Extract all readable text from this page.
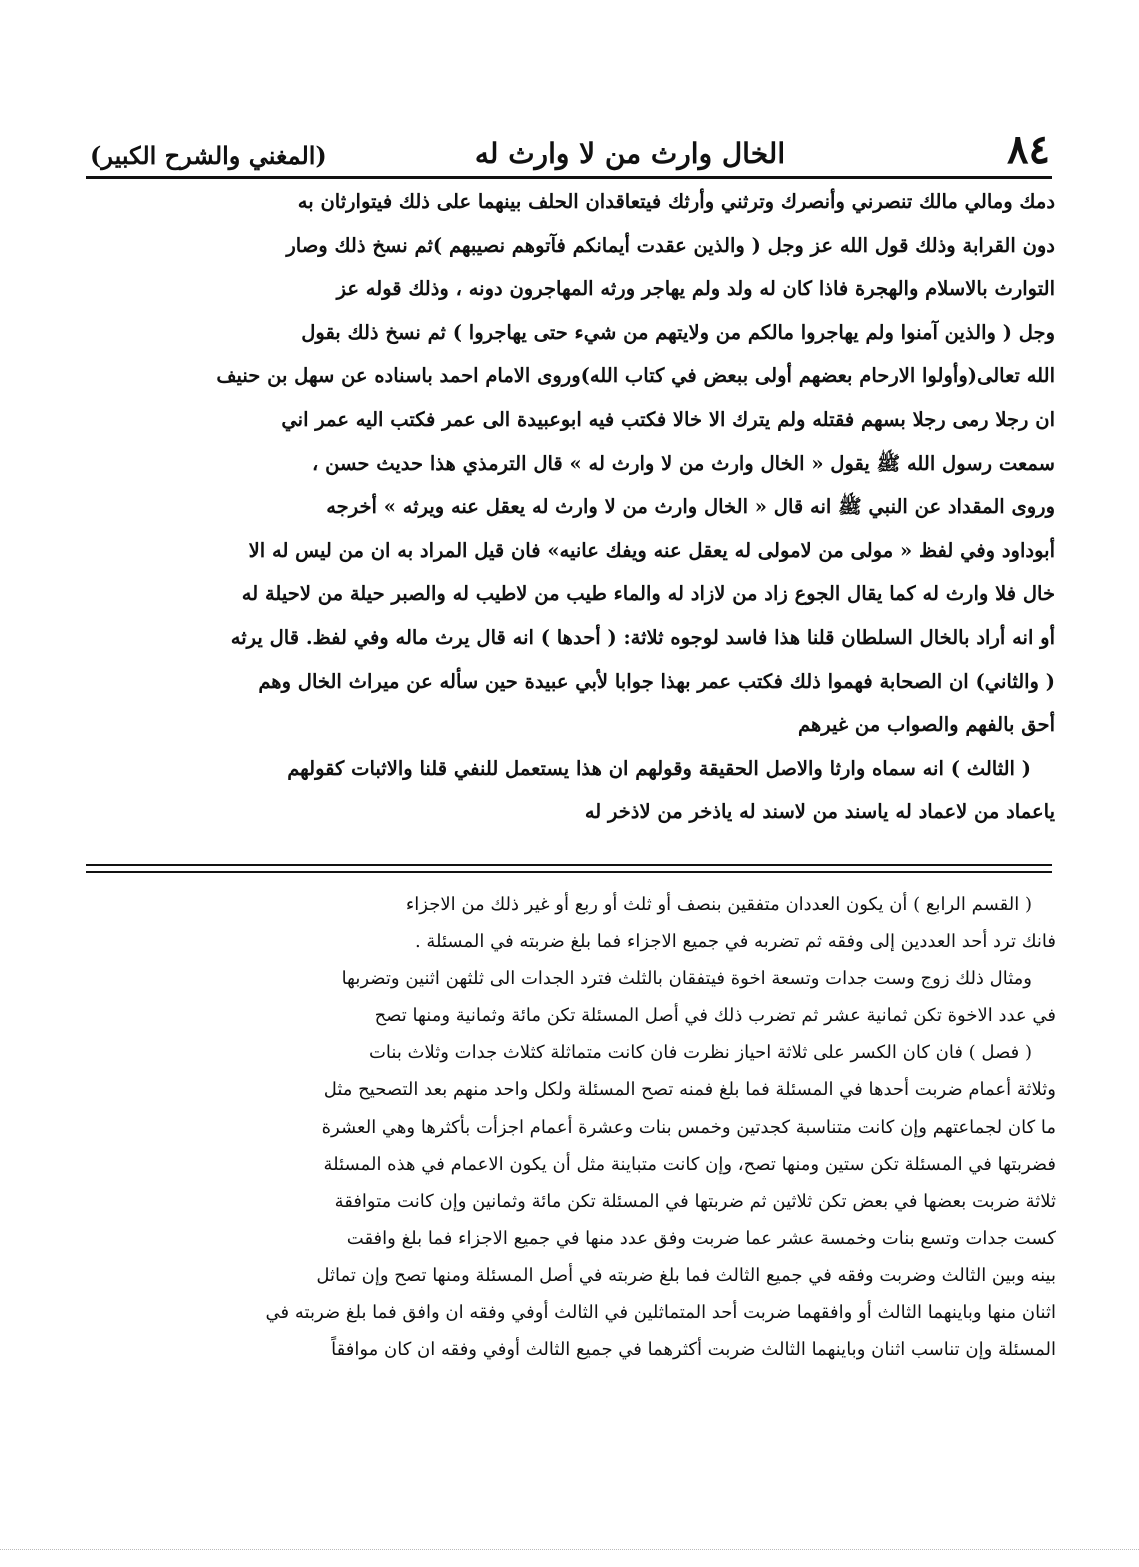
٨٤
الخال وارث من لا وارث له
(المغني والشرح الكبير)
دمك ومالي مالك تنصرني وأنصرك وترثني وأرثك فيتعاقدان الحلف بينهما على ذلك فيتوارثان به
دون القرابة وذلك قول الله عز وجل ( والذين عقدت أيمانكم فآتوهم نصيبهم )ثم نسخ ذلك وصار
التوارث بالاسلام والهجرة فاذا كان له ولد ولم يهاجر ورثه المهاجرون دونه ، وذلك قوله عز
وجل ( والذين آمنوا ولم يهاجروا مالكم من ولايتهم من شيء حتى يهاجروا ) ثم نسخ ذلك بقول
الله تعالى(وأولوا الارحام بعضهم أولى ببعض في كتاب الله)وروى الامام احمد باسناده عن سهل بن حنيف
ان رجلا رمى رجلا بسهم فقتله ولم يترك الا خالا فكتب فيه ابوعبيدة الى عمر فكتب اليه عمر اني
سمعت رسول الله ﷺ يقول « الخال وارث من لا وارث له » قال الترمذي هذا حديث حسن ،
وروى المقداد عن النبي ﷺ انه قال « الخال وارث من لا وارث له يعقل عنه ويرثه » أخرجه
أبوداود وفي لفظ « مولى من لامولى له يعقل عنه ويفك عانيه» فان قيل المراد به ان من ليس له الا
خال فلا وارث له كما يقال الجوع زاد من لازاد له والماء طيب من لاطيب له والصبر حيلة من لاحيلة له
أو انه أراد بالخال السلطان قلنا هذا فاسد لوجوه ثلاثة: ( أحدها ) انه قال يرث ماله وفي لفظ. قال يرثه
( والثاني) ان الصحابة فهموا ذلك فكتب عمر بهذا جوابا لأبي عبيدة حين سأله عن ميراث الخال وهم
أحق بالفهم والصواب من غيرهم
( الثالث ) انه سماه وارثا والاصل الحقيقة وقولهم ان هذا يستعمل للنفي قلنا والاثبات كقولهم
ياعماد من لاعماد له ياسند من لاسند له ياذخر من لاذخر له
( القسم الرابع ) أن يكون العددان متفقين بنصف أو ثلث أو ربع أو غير ذلك من الاجزاء
فانك ترد أحد العددين إلى وفقه ثم تضربه في جميع الاجزاء فما بلغ ضربته في المسئلة .
ومثال ذلك زوج وست جدات وتسعة اخوة فيتفقان بالثلث فترد الجدات الى ثلثهن اثنين وتضربها
في عدد الاخوة تكن ثمانية عشر ثم تضرب ذلك في أصل المسئلة تكن مائة وثمانية ومنها تصح
( فصل ) فان كان الكسر على ثلاثة احياز نظرت فان كانت متماثلة كثلاث جدات وثلاث بنات
وثلاثة أعمام ضربت أحدها في المسئلة فما بلغ فمنه تصح المسئلة ولكل واحد منهم بعد التصحيح مثل
ما كان لجماعتهم وإن كانت متناسبة كجدتين وخمس بنات وعشرة أعمام اجزأت بأكثرها وهي العشرة
فضربتها في المسئلة تكن ستين ومنها تصح، وإن كانت متباينة مثل أن يكون الاعمام في هذه المسئلة
ثلاثة ضربت بعضها في بعض تكن ثلاثين ثم ضربتها في المسئلة تكن مائة وثمانين وإن كانت متوافقة
كست جدات وتسع بنات وخمسة عشر عما ضربت وفق عدد منها في جميع الاجزاء فما بلغ وافقت
بينه وبين الثالث وضربت وفقه في جميع الثالث فما بلغ ضربته في أصل المسئلة ومنها تصح وإن تماثل
اثنان منها وباينهما الثالث أو وافقهما ضربت أحد المتماثلين في الثالث أوفي وفقه ان وافق فما بلغ ضربته في
المسئلة وإن تناسب اثنان وباينهما الثالث ضربت أكثرهما في جميع الثالث أوفي وفقه ان كان موافقاً
